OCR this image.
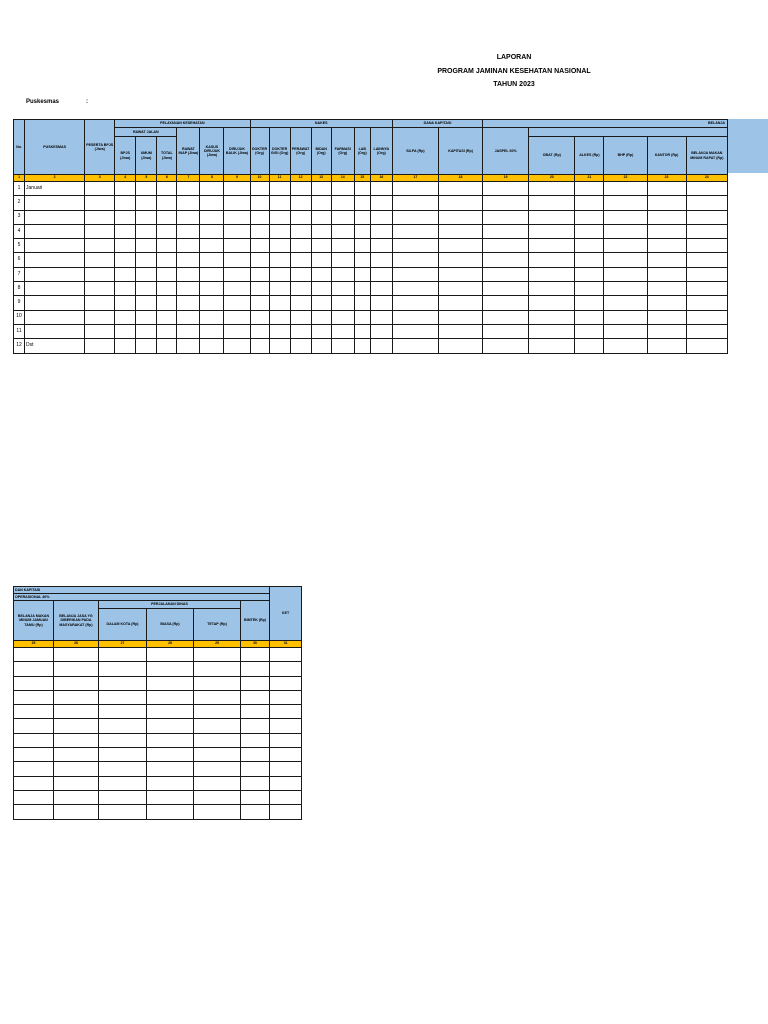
LAPORAN
PROGRAM JAMINAN KESEHATAN NASIONAL
TAHUN 2023
Puskesmas	:
No.	PUSKESMAS	PESERTA BPJS (Jiwa)	PELAYANAN KESEHATAN						NAKES							DANA KAPITASI		BELANJA					
			RAWAT JALAN			RAWAT INAP (Jiwa)	KASUS DIRUJUK (Jiwa)	DIRUJUK BALIK (Jiwa)	DOKTER (Org)	DOKTER GIGI (Org)	PERAWAT (Org)	BIDAN (Org)	FARMASI (Org)	LAB (Org)	LAINNYA (Org)	SILPA (Rp)	KAPITASI (Rp)	JASPEL 60%					
			BPJS (Jiwa)	UMUM (Jiwa)	TOTAL (Jiwa)														OBAT (Rp)	ALKES (Rp)	BHP (Rp)	KANTOR (Rp)	BELANJA MAKAN MINUM RAPAT (Rp)
1	2	3	4	5	6	7	8	9	10	11	12	13	14	15	16	17	18	19	20	21	22	23	24
1	Januari																						
2																							
3																							
4																							
5																							
6																							
7																							
8																							
9																							
10																							
11																							
12	Dst																						
DAN KAPITASI						KET
OPERASIONAL 40%						
BELANJA MAKAN MINUM JAMUAN TAMU (Rp)	BELANJA JASA YG DIBERIKAN PADA MASYARAKAT (Rp)	PERJALANAN DINAS			BIMTEK (Rp)	
		DALAM KOTA (Rp)	BIASA (Rp)	TETAP (Rp)		
25	26	27	28	29	30	31
